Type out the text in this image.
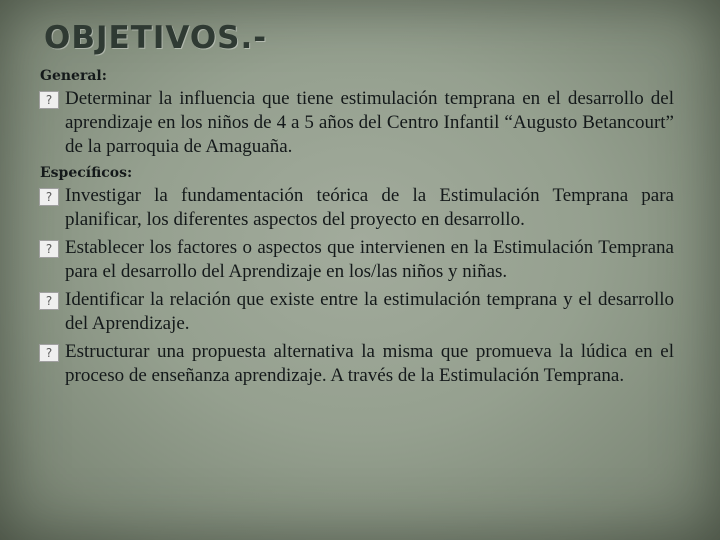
OBJETIVOS.-
General:
? Determinar la influencia que tiene estimulación temprana en el desarrollo del aprendizaje en los niños de 4 a 5 años del Centro Infantil “Augusto Betancourt” de la parroquia de Amaguaña.
Específicos:
? Investigar la fundamentación teórica de la Estimulación Temprana para planificar, los diferentes aspectos del proyecto en desarrollo.
? Establecer los factores o aspectos que intervienen en la Estimulación Temprana para el desarrollo del Aprendizaje en los/las niños y niñas.
? Identificar la relación que existe entre la estimulación temprana y el desarrollo del Aprendizaje.
? Estructurar una propuesta alternativa la misma que promueva la lúdica en el proceso de enseñanza aprendizaje. A través de la Estimulación Temprana.
